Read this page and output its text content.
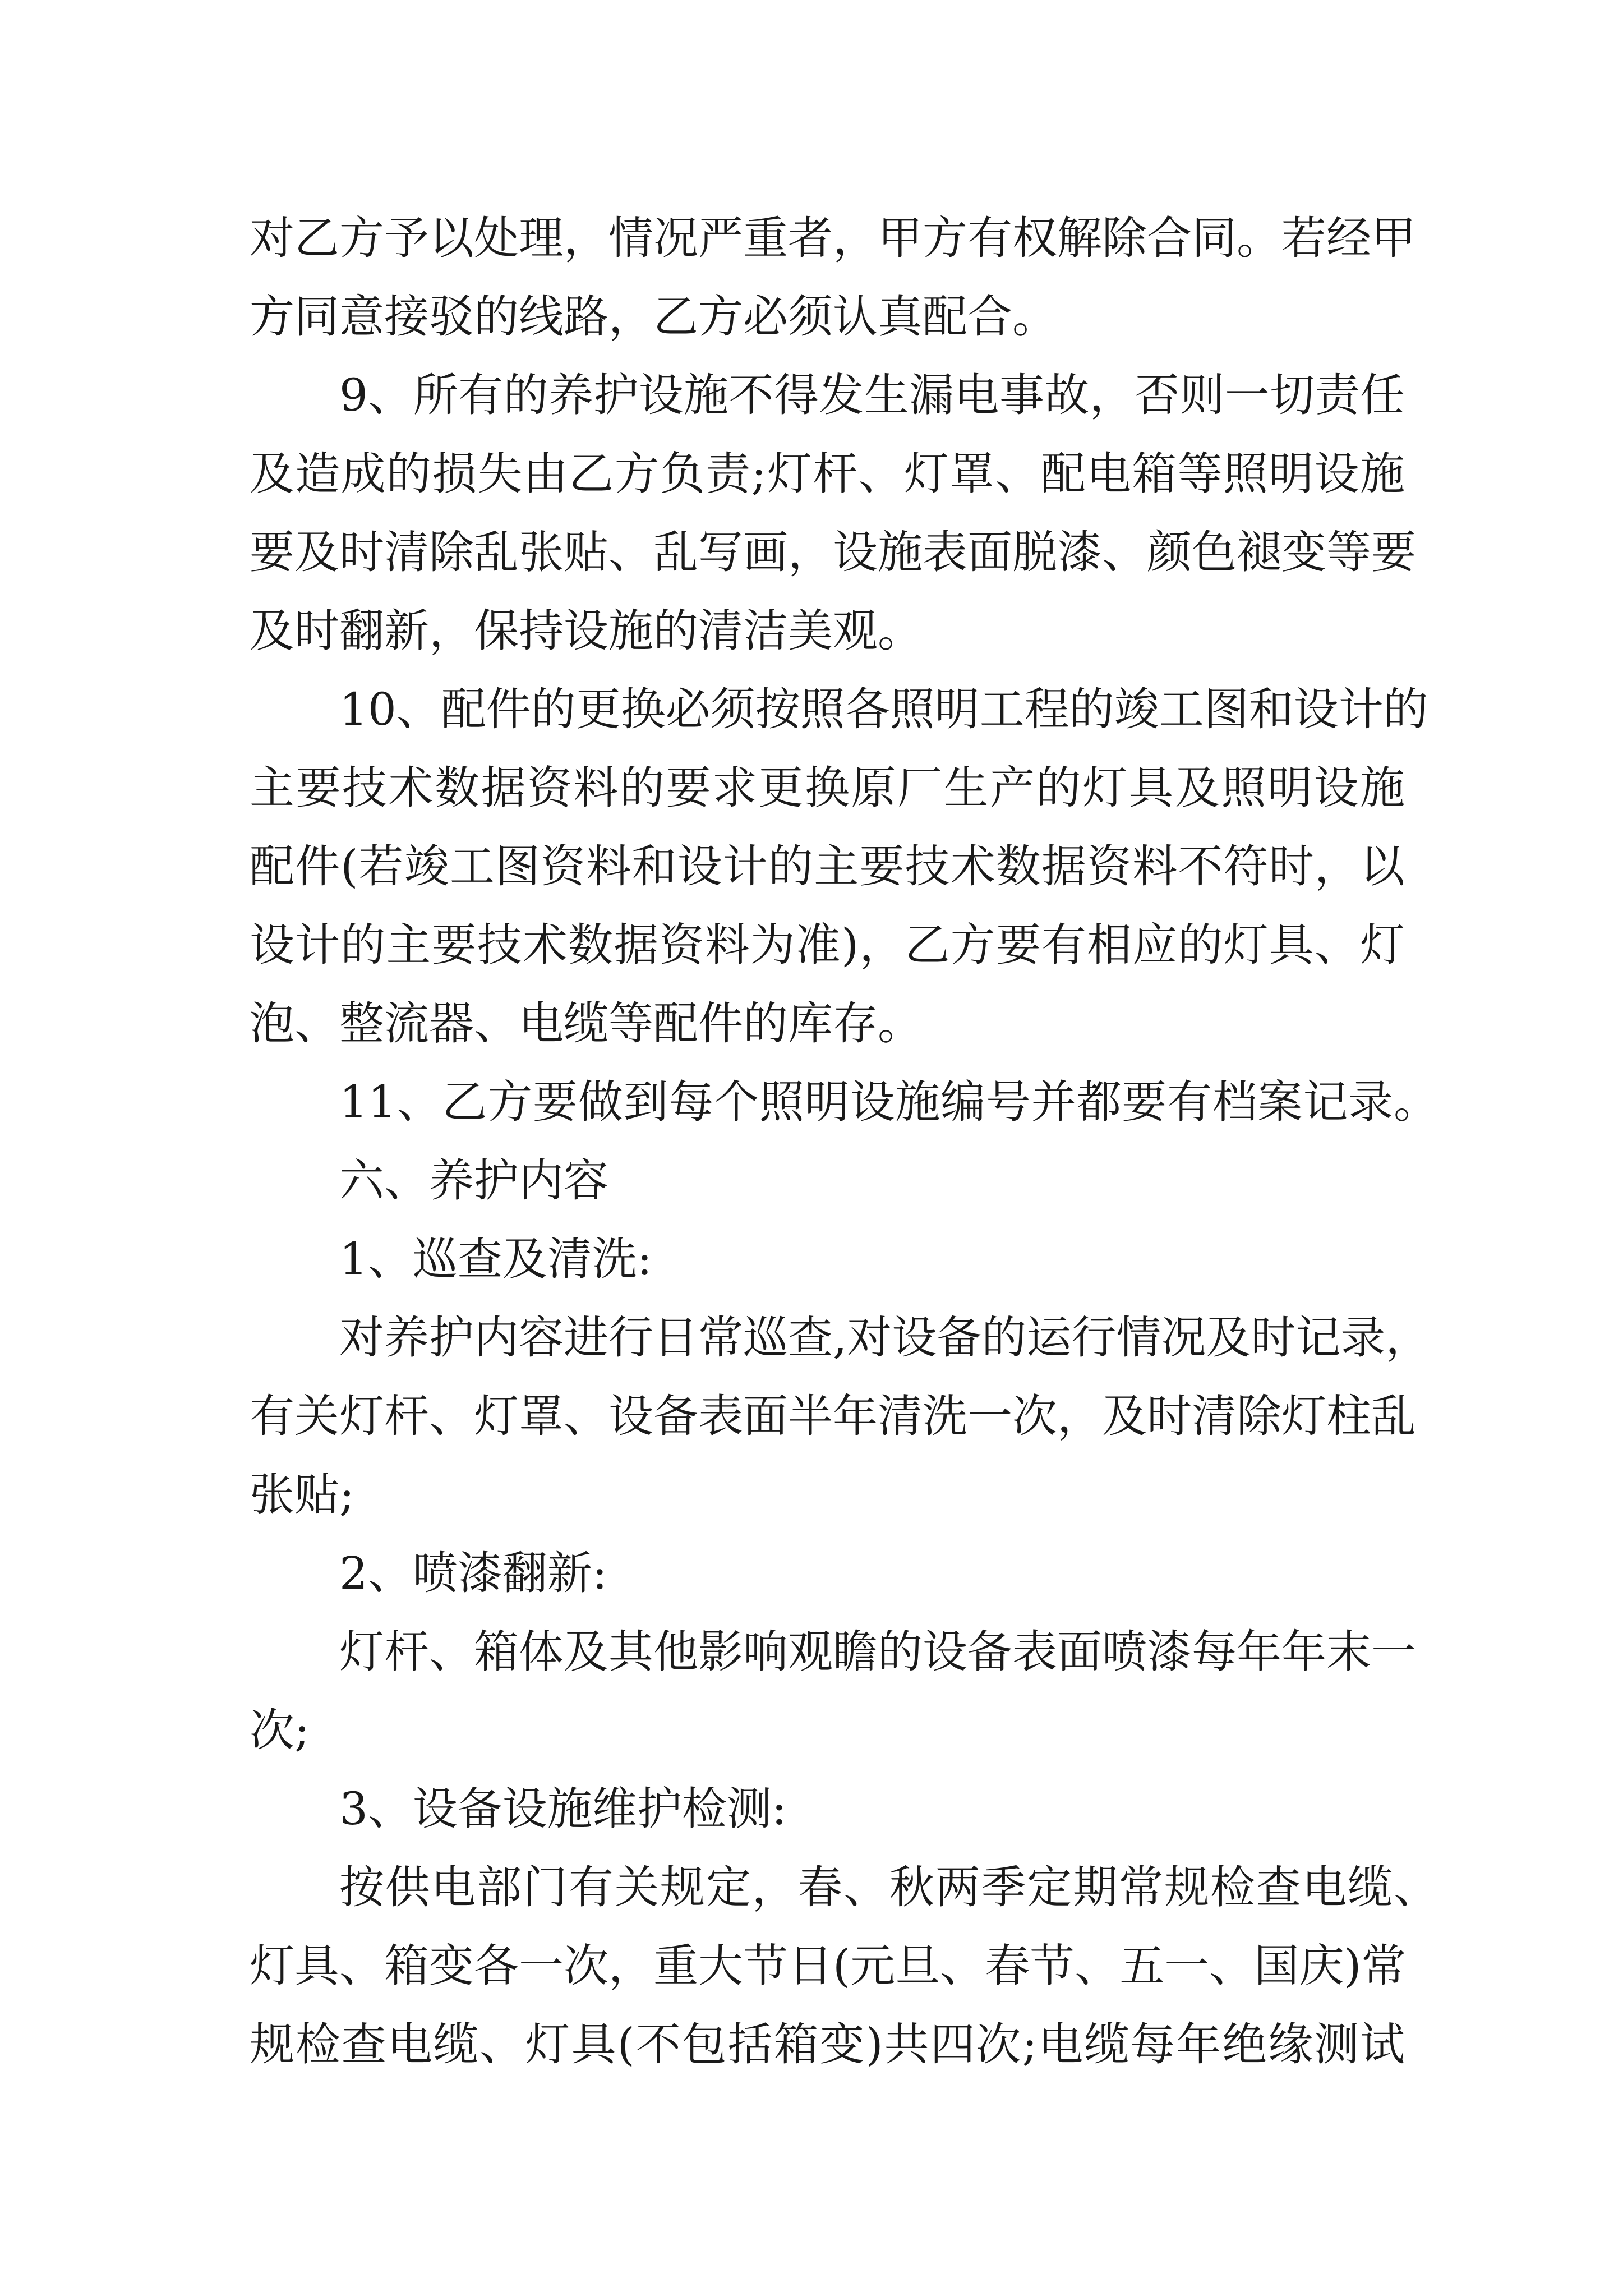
对乙方予以处理，情况严重者，甲方有权解除合同。若经甲
方同意接驳的线路，乙方必须认真配合。
9、所有的养护设施不得发生漏电事故，否则一切责任
及造成的损失由乙方负责;灯杆、灯罩、配电箱等照明设施
要及时清除乱张贴、乱写画，设施表面脱漆、颜色褪变等要
及时翻新，保持设施的清洁美观。
10、配件的更换必须按照各照明工程的竣工图和设计的
主要技术数据资料的要求更换原厂生产的灯具及照明设施
配件(若竣工图资料和设计的主要技术数据资料不符时，以
设计的主要技术数据资料为准)，乙方要有相应的灯具、灯
泡、整流器、电缆等配件的库存。
11、乙方要做到每个照明设施编号并都要有档案记录。
六、养护内容
1、巡查及清洗:
对养护内容进行日常巡查,对设备的运行情况及时记录，
有关灯杆、灯罩、设备表面半年清洗一次，及时清除灯柱乱
张贴;
2、喷漆翻新:
灯杆、箱体及其他影响观瞻的设备表面喷漆每年年末一
次;
3、设备设施维护检测:
按供电部门有关规定，春、秋两季定期常规检查电缆、
灯具、箱变各一次，重大节日(元旦、春节、五一、国庆)常
规检查电缆、灯具(不包括箱变)共四次;电缆每年绝缘测试
